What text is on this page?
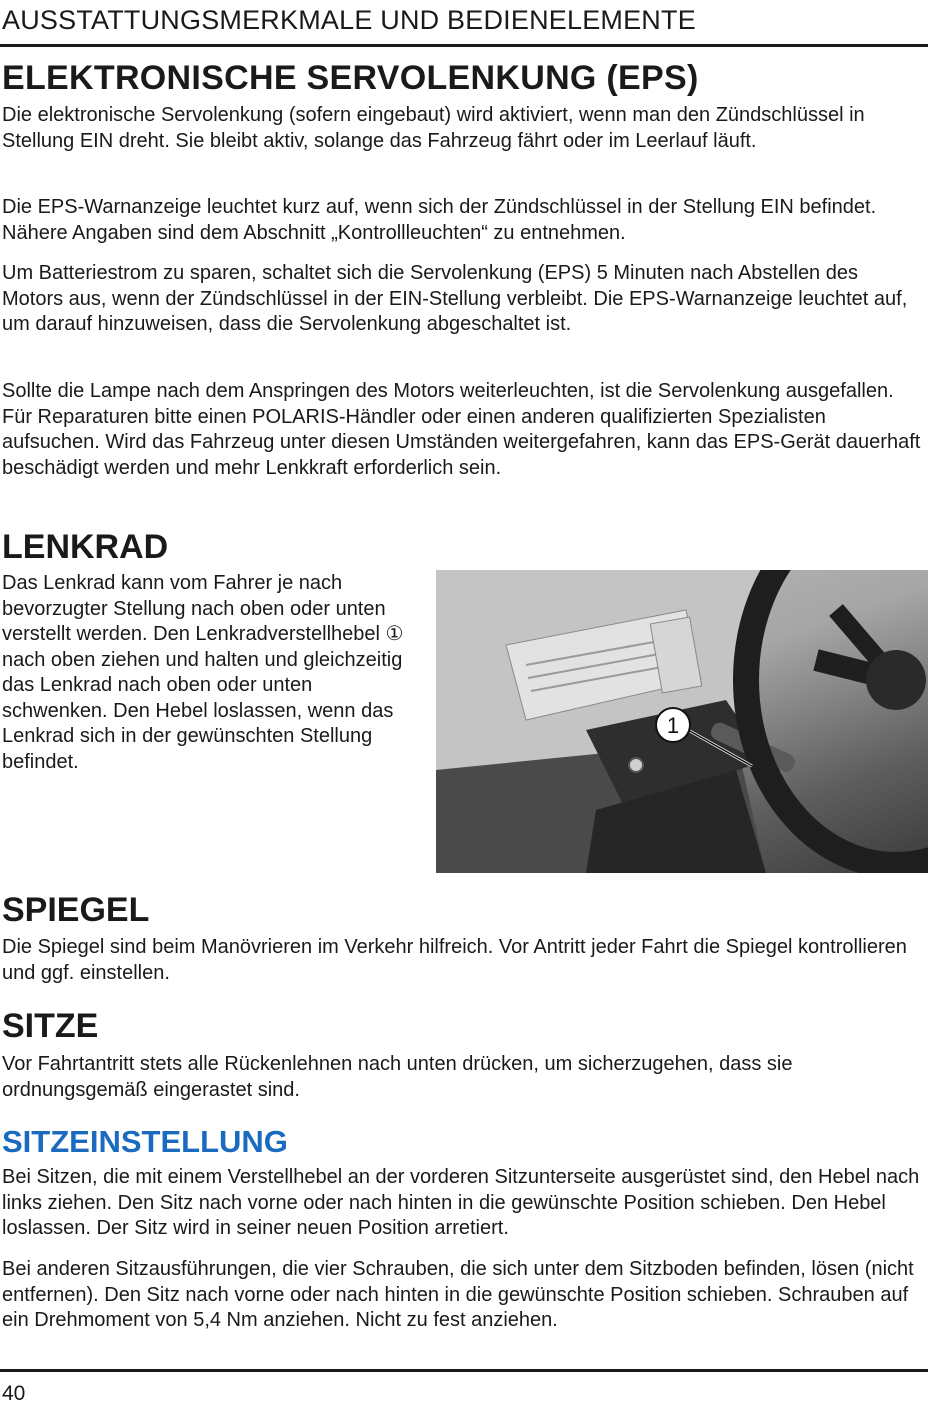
AUSSTATTUNGSMERKMALE UND BEDIENELEMENTE
ELEKTRONISCHE SERVOLENKUNG (EPS)

Die elektronische Servolenkung (sofern eingebaut) wird aktiviert, wenn man den Zündschlüssel in Stellung EIN dreht. Sie bleibt aktiv, solange das Fahrzeug fährt oder im Leerlauf läuft.

Die EPS-Warnanzeige leuchtet kurz auf, wenn sich der Zündschlüssel in der Stellung EIN befindet. Nähere Angaben sind dem Abschnitt „Kontrollleuchten“ zu entnehmen.

Um Batteriestrom zu sparen, schaltet sich die Servolenkung (EPS) 5 Minuten nach Abstellen des Motors aus, wenn der Zündschlüssel in der EIN-Stellung verbleibt. Die EPS-Warnanzeige leuchtet auf, um darauf hinzuweisen, dass die Servolenkung abgeschaltet ist.

Sollte die Lampe nach dem Anspringen des Motors weiterleuchten, ist die Servolenkung ausgefallen. Für Reparaturen bitte einen POLARIS-Händler oder einen anderen qualifizierten Spezialisten aufsuchen. Wird das Fahrzeug unter diesen Umständen weitergefahren, kann das EPS-Gerät dauerhaft beschädigt werden und mehr Lenkkraft erforderlich sein.

LENKRAD

Das Lenkrad kann vom Fahrer je nach bevorzugter Stellung nach oben oder unten verstellt werden. Den Lenkradverstellhebel ① nach oben ziehen und halten und gleichzeitig das Lenkrad nach oben oder unten schwenken. Den Hebel loslassen, wenn das Lenkrad sich in der gewünschten Stellung befindet.

1
SPIEGEL

Die Spiegel sind beim Manövrieren im Verkehr hilfreich. Vor Antritt jeder Fahrt die Spiegel kontrollieren und ggf. einstellen.

SITZE

Vor Fahrtantritt stets alle Rückenlehnen nach unten drücken, um sicherzugehen, dass sie ordnungsgemäß eingerastet sind.

SITZEINSTELLUNG

Bei Sitzen, die mit einem Verstellhebel an der vorderen Sitzunterseite ausgerüstet sind, den Hebel nach links ziehen. Den Sitz nach vorne oder nach hinten in die gewünschte Position schieben. Den Hebel loslassen. Der Sitz wird in seiner neuen Position arretiert.

Bei anderen Sitzausführungen, die vier Schrauben, die sich unter dem Sitzboden befinden, lösen (nicht entfernen). Den Sitz nach vorne oder nach hinten in die gewünschte Position schieben. Schrauben auf ein Drehmoment von 5,4 Nm anziehen. Nicht zu fest anziehen.

40
